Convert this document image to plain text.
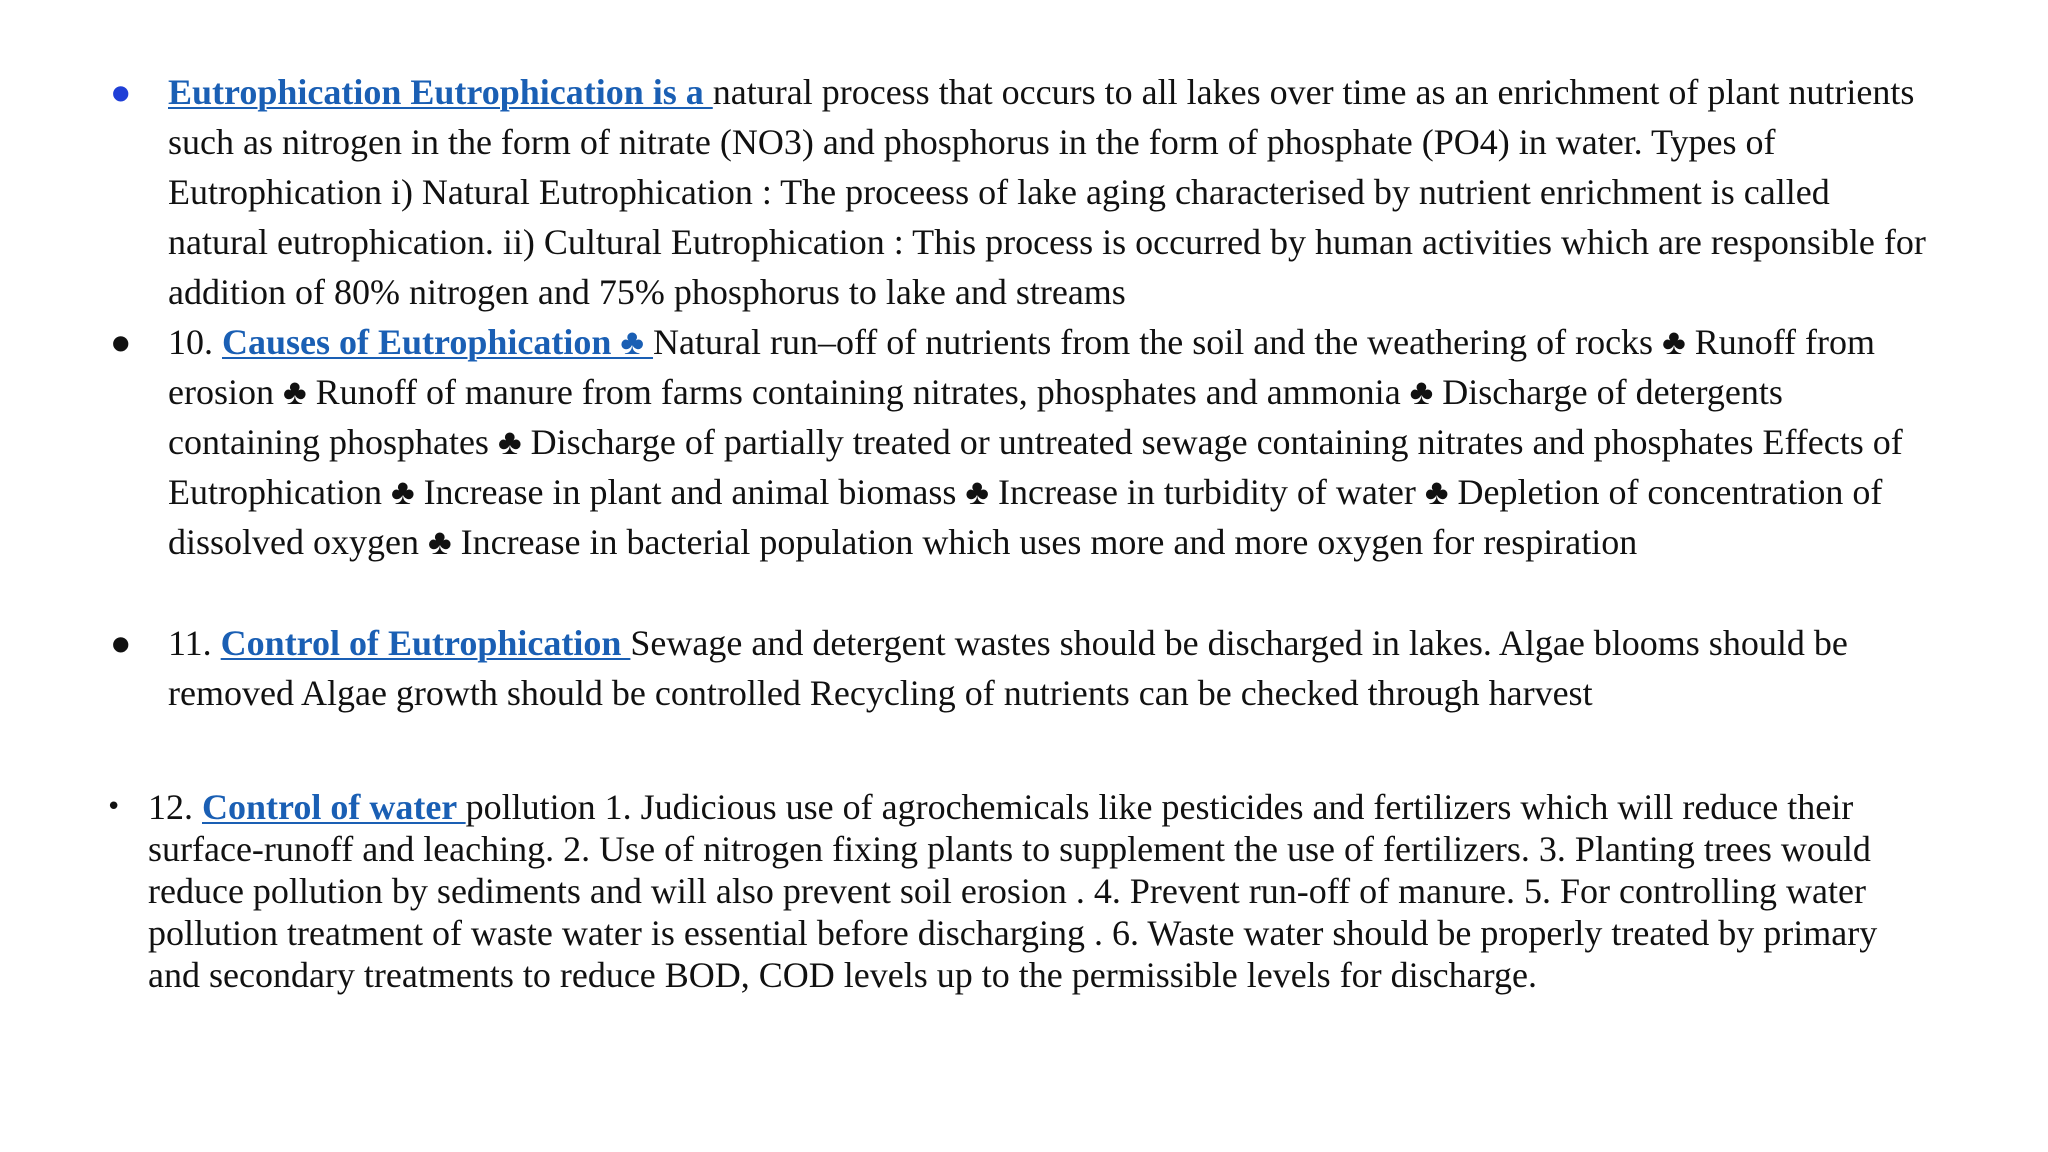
● Eutrophication Eutrophication is a natural process that occurs to all lakes over time as an enrichment of plant nutrients such as nitrogen in the form of nitrate (NO3) and phosphorus in the form of phosphate (PO4) in water. Types of Eutrophication i) Natural Eutrophication : The proceess of lake aging characterised by nutrient enrichment is called natural eutrophication. ii) Cultural Eutrophication : This process is occurred by human activities which are responsible for addition of 80% nitrogen and 75% phosphorus to lake and streams
● 10. Causes of Eutrophication ♣ Natural run–off of nutrients from the soil and the weathering of rocks ♣ Runoff from erosion ♣ Runoff of manure from farms containing nitrates, phosphates and ammonia ♣ Discharge of detergents containing phosphates ♣ Discharge of partially treated or untreated sewage containing nitrates and phosphates Effects of Eutrophication ♣ Increase in plant and animal biomass ♣ Increase in turbidity of water ♣ Depletion of concentration of dissolved oxygen ♣ Increase in bacterial population which uses more and more oxygen for respiration
● 11. Control of Eutrophication Sewage and detergent wastes should be discharged in lakes. Algae blooms should be removed Algae growth should be controlled Recycling of nutrients can be checked through harvest
• 12. Control of water pollution 1. Judicious use of agrochemicals like pesticides and fertilizers which will reduce their surface-runoff and leaching. 2. Use of nitrogen fixing plants to supplement the use of fertilizers. 3. Planting trees would reduce pollution by sediments and will also prevent soil erosion . 4. Prevent run-off of manure. 5. For controlling water pollution treatment of waste water is essential before discharging . 6. Waste water should be properly treated by primary and secondary treatments to reduce BOD, COD levels up to the permissible levels for discharge.
